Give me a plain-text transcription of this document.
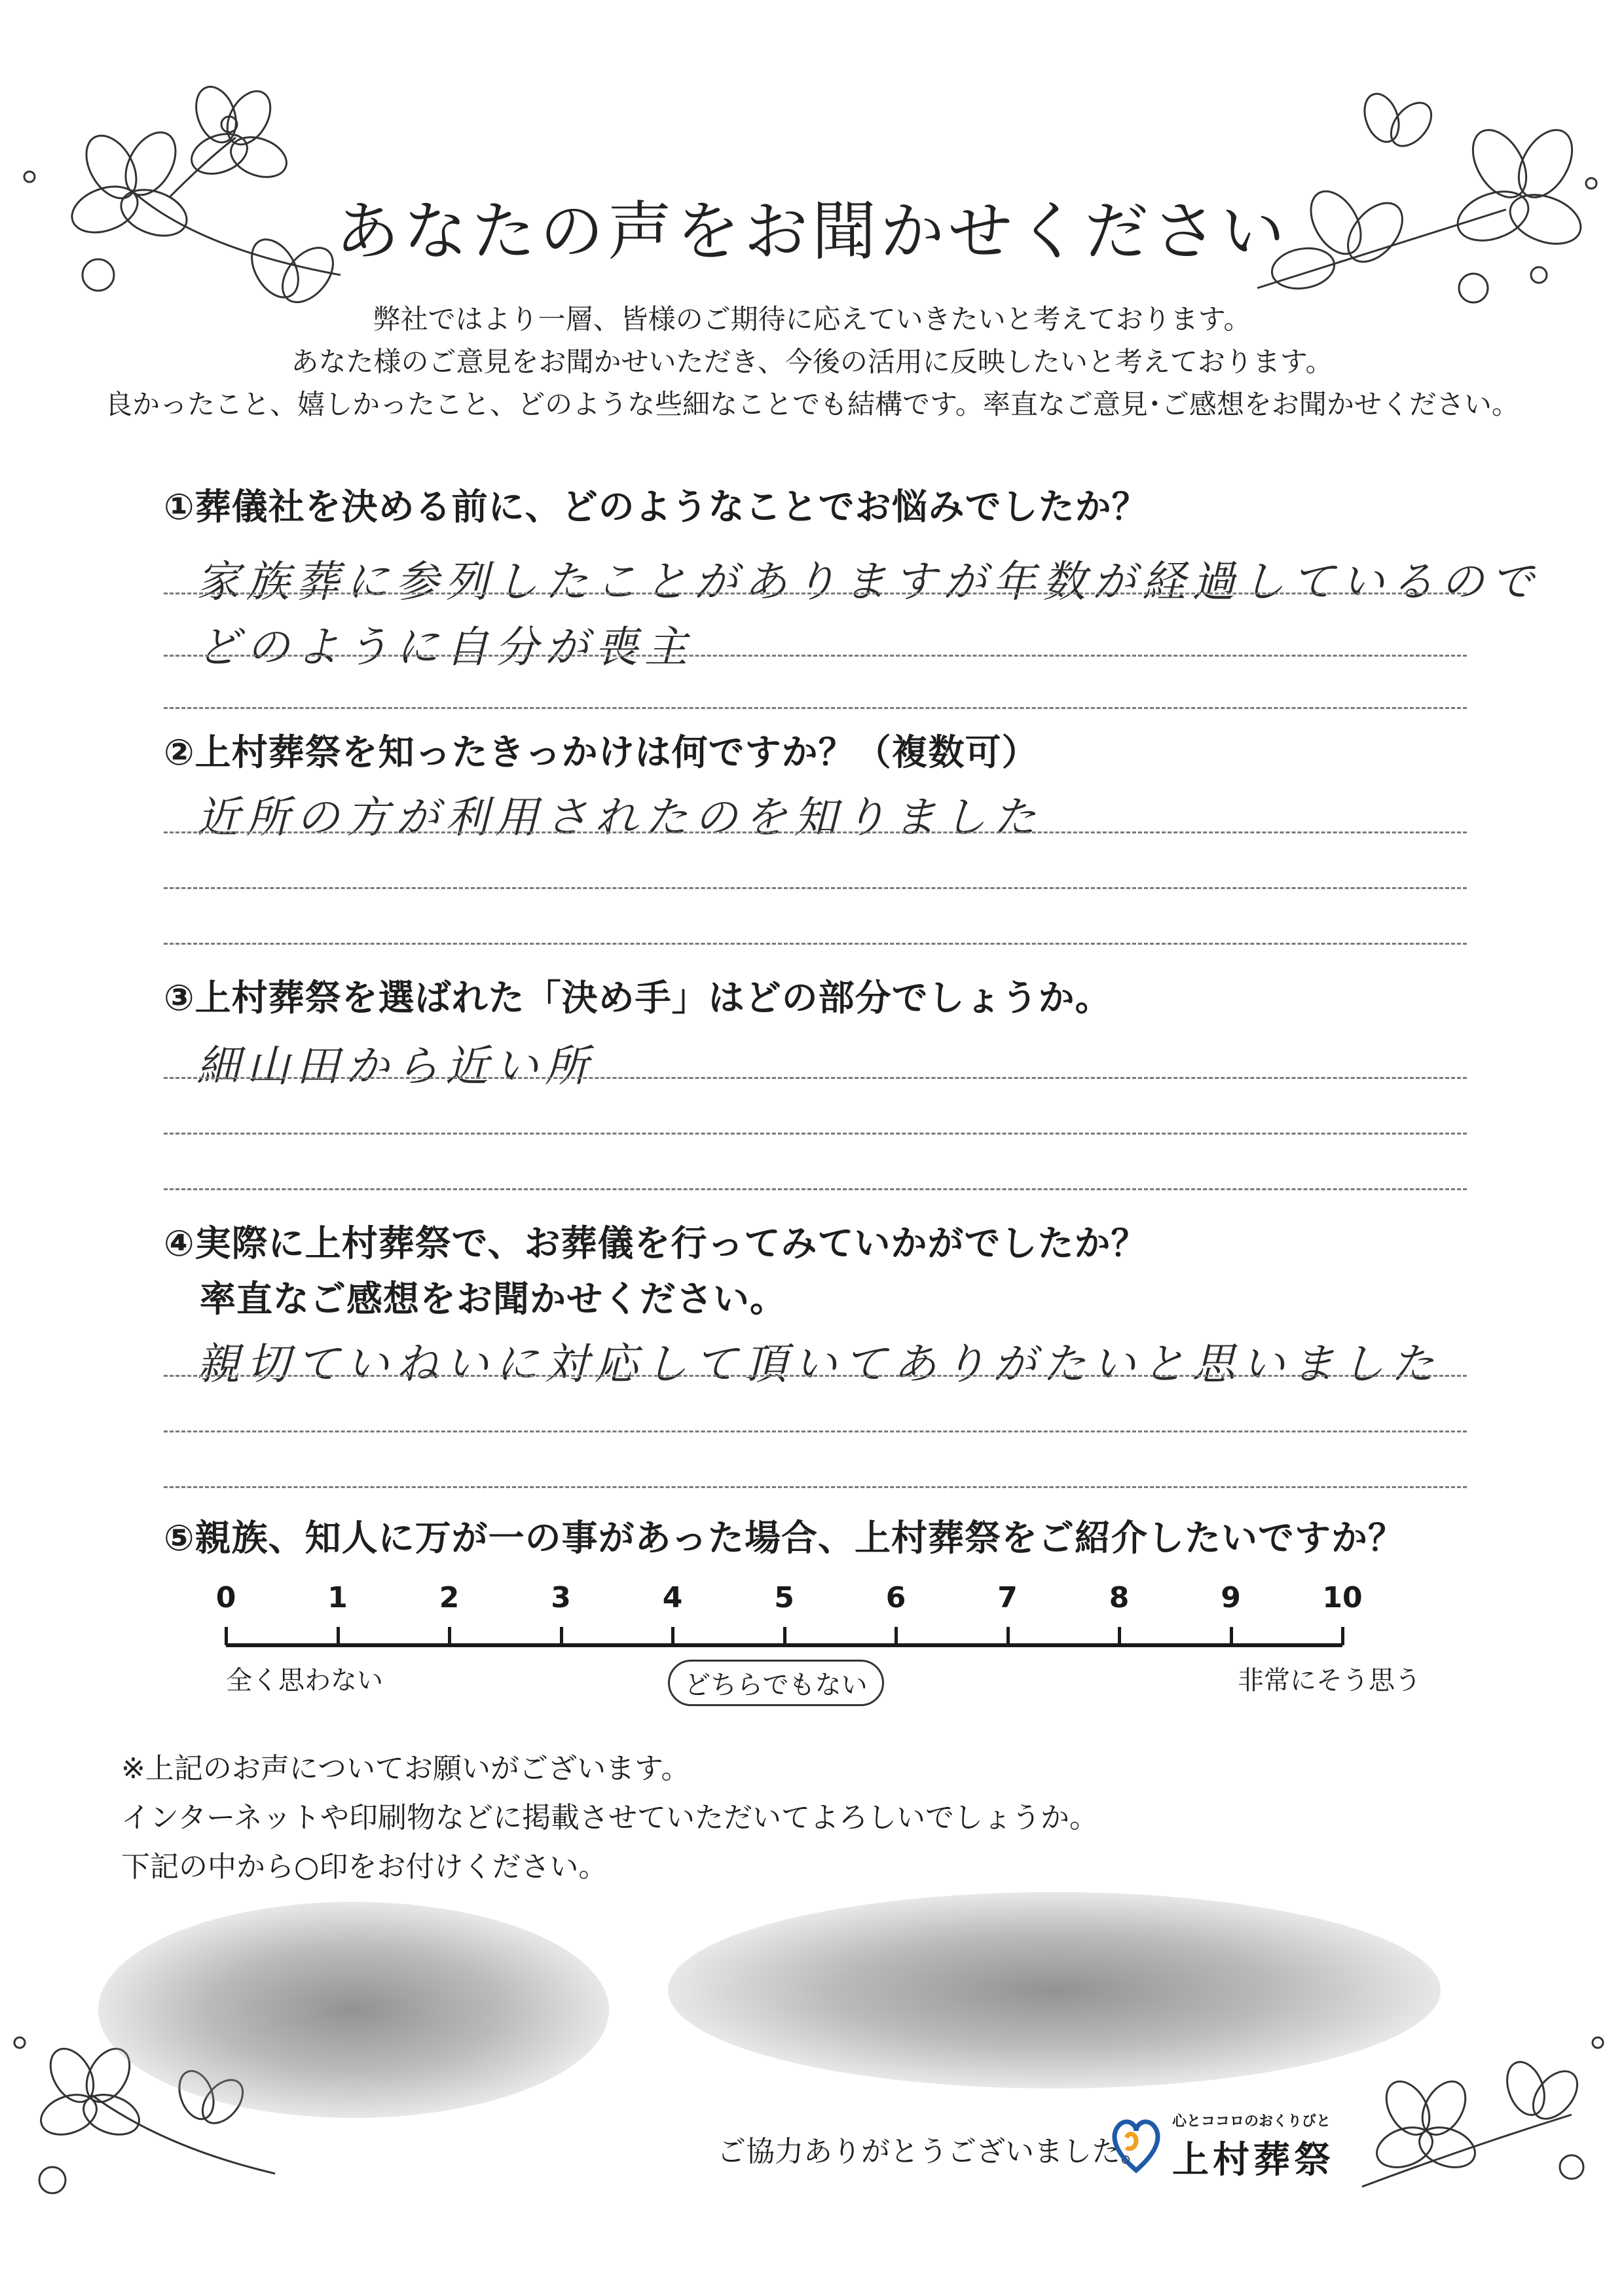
あなたの声をお聞かせください
弊社ではより一層、皆様のご期待に応えていきたいと考えております。
あなた様のご意見をお聞かせいただき、今後の活用に反映したいと考えております。
良かったこと、嬉しかったこと、どのような些細なことでも結構です。率直なご意見･ご感想をお聞かせください。
①葬儀社を決める前に、どのようなことでお悩みでしたか？
家族葬に参列したことがありますが年数が経過しているので
どのように自分が喪主
②上村葬祭を知ったきっかけは何ですか？（複数可）
近所の方が利用されたのを知りました
③上村葬祭を選ばれた「決め手」はどの部分でしょうか。
細山田から近い所
④実際に上村葬祭で、お葬儀を行ってみていかがでしたか？
率直なご感想をお聞かせください。
親切ていねいに対応して頂いてありがたいと思いました
⑤親族、知人に万が一の事があった場合、上村葬祭をご紹介したいですか？
0	1	2	3	4	5	6	7	8	9	10
全く思わない	どちらでもない	非常にそう思う
※上記のお声についてお願いがございます。
インターネットや印刷物などに掲載させていただいてよろしいでしょうか。
下記の中から○印をお付けください。
ご協力ありがとうございました。
心とココロのおくりびと
上村葬祭
